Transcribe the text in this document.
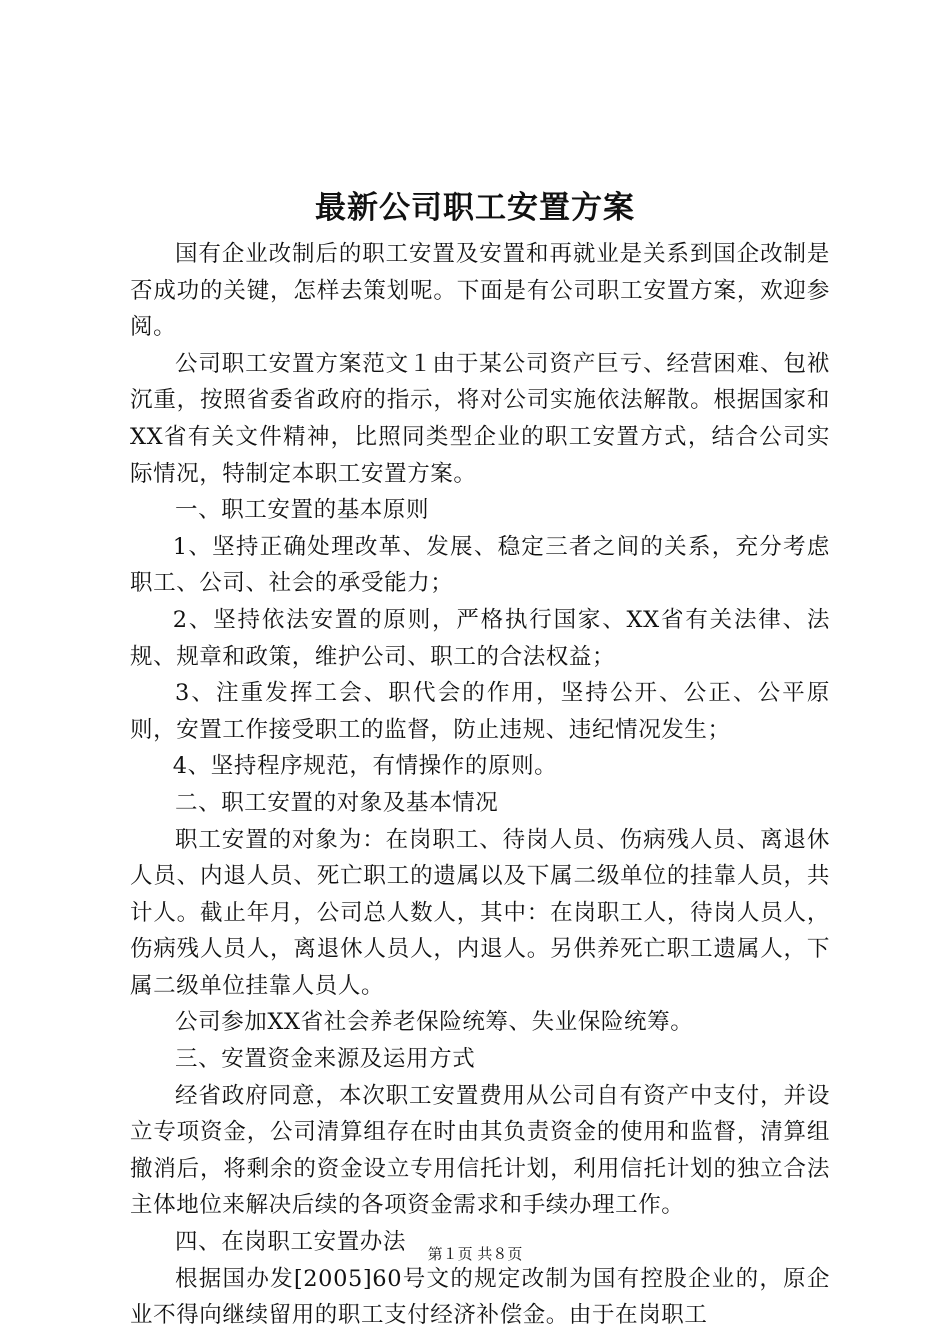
最新公司职工安置方案

国有企业改制后的职工安置及安置和再就业是关系到国企改制是否成功的关键，怎样去策划呢。下面是有公司职工安置方案，欢迎参阅。

公司职工安置方案范文１由于某公司资产巨亏、经营困难、包袱沉重，按照省委省政府的指示，将对公司实施依法解散。根据国家和XX省有关文件精神，比照同类型企业的职工安置方式，结合公司实际情况，特制定本职工安置方案。

一、职工安置的基本原则

1、坚持正确处理改革、发展、稳定三者之间的关系，充分考虑职工、公司、社会的承受能力；

2、坚持依法安置的原则，严格执行国家、XX省有关法律、法规、规章和政策，维护公司、职工的合法权益；

3、注重发挥工会、职代会的作用，坚持公开、公正、公平原则，安置工作接受职工的监督，防止违规、违纪情况发生；

4、坚持程序规范，有情操作的原则。

二、职工安置的对象及基本情况

职工安置的对象为：在岗职工、待岗人员、伤病残人员、离退休人员、内退人员、死亡职工的遗属以及下属二级单位的挂靠人员，共计人。截止年月，公司总人数人，其中：在岗职工人，待岗人员人，伤病残人员人，离退休人员人，内退人。另供养死亡职工遗属人，下属二级单位挂靠人员人。

公司参加XX省社会养老保险统筹、失业保险统筹。

三、安置资金来源及运用方式

经省政府同意，本次职工安置费用从公司自有资产中支付，并设立专项资金，公司清算组存在时由其负责资金的使用和监督，清算组撤消后，将剩余的资金设立专用信托计划，利用信托计划的独立合法主体地位来解决后续的各项资金需求和手续办理工作。

四、在岗职工安置办法

根据国办发[2005]60号文的规定改制为国有控股企业的，原企业不得向继续留用的职工支付经济补偿金。由于在岗职工

第１页 共８页
